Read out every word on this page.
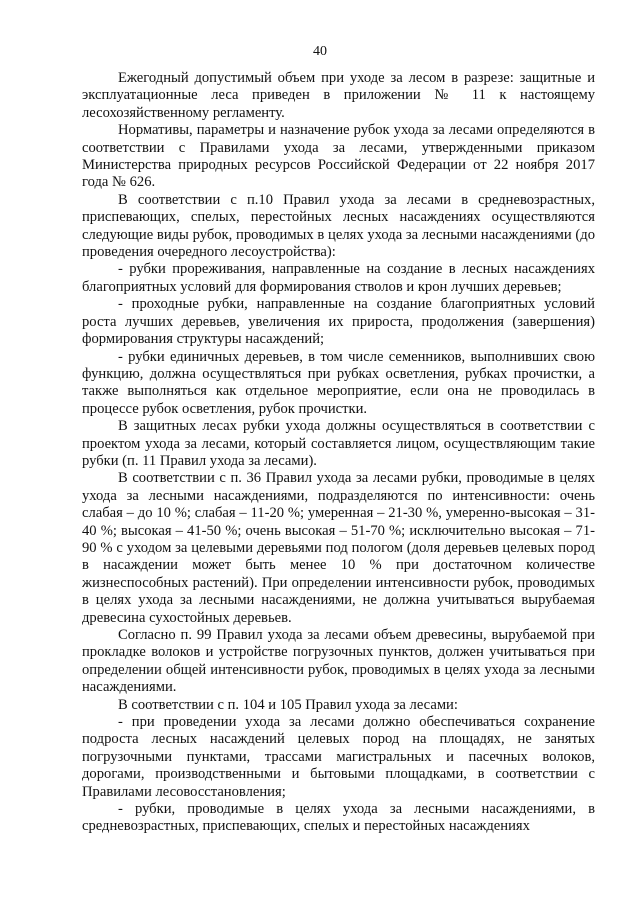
40

Ежегодный допустимый объем при уходе за лесом в разрезе: защитные и эксплуатационные леса приведен в приложении № 11 к настоящему лесохозяйственному регламенту.

Нормативы, параметры и назначение рубок ухода за лесами определяются в соответствии с Правилами ухода за лесами, утвержденными приказом Министерства природных ресурсов Российской Федерации от 22 ноября 2017 года № 626.

В соответствии с п.10 Правил ухода за лесами в средневозрастных, приспевающих, спелых, перестойных лесных насаждениях осуществляются следующие виды рубок, проводимых в целях ухода за лесными насаждениями (до проведения очередного лесоустройства):

- рубки прореживания, направленные на создание в лесных насаждениях благоприятных условий для формирования стволов и крон лучших деревьев;

- проходные рубки, направленные на создание благоприятных условий роста лучших деревьев, увеличения их прироста, продолжения (завершения) формирования структуры насаждений;

- рубки единичных деревьев, в том числе семенников, выполнивших свою функцию, должна осуществляться при рубках осветления, рубках прочистки, а также выполняться как отдельное мероприятие, если она не проводилась в процессе рубок осветления, рубок прочистки.

В защитных лесах рубки ухода должны осуществляться в соответствии с проектом ухода за лесами, который составляется лицом, осуществляющим такие рубки (п. 11 Правил ухода за лесами).

В соответствии с п. 36 Правил ухода за лесами рубки, проводимые в целях ухода за лесными насаждениями, подразделяются по интенсивности: очень слабая – до 10 %; слабая – 11-20 %; умеренная – 21-30 %, умеренно-высокая – 31-40 %; высокая – 41-50 %; очень высокая – 51-70 %; исключительно высокая – 71-90 % с уходом за целевыми деревьями под пологом (доля деревьев целевых пород в насаждении может быть менее 10 % при достаточном количестве жизнеспособных растений). При определении интенсивности рубок, проводимых в целях ухода за лесными насаждениями, не должна учитываться вырубаемая древесина сухостойных деревьев.

Согласно п. 99 Правил ухода за лесами объем древесины, вырубаемой при прокладке волоков и устройстве погрузочных пунктов, должен учитываться при определении общей интенсивности рубок, проводимых в целях ухода за лесными насаждениями.

В соответствии с п. 104 и 105 Правил ухода за лесами:

- при проведении ухода за лесами должно обеспечиваться сохранение подроста лесных насаждений целевых пород на площадях, не занятых погрузочными пунктами, трассами магистральных и пасечных волоков, дорогами, производственными и бытовыми площадками, в соответствии с Правилами лесовосстановления;

- рубки, проводимые в целях ухода за лесными насаждениями, в средневозрастных, приспевающих, спелых и перестойных насаждениях
